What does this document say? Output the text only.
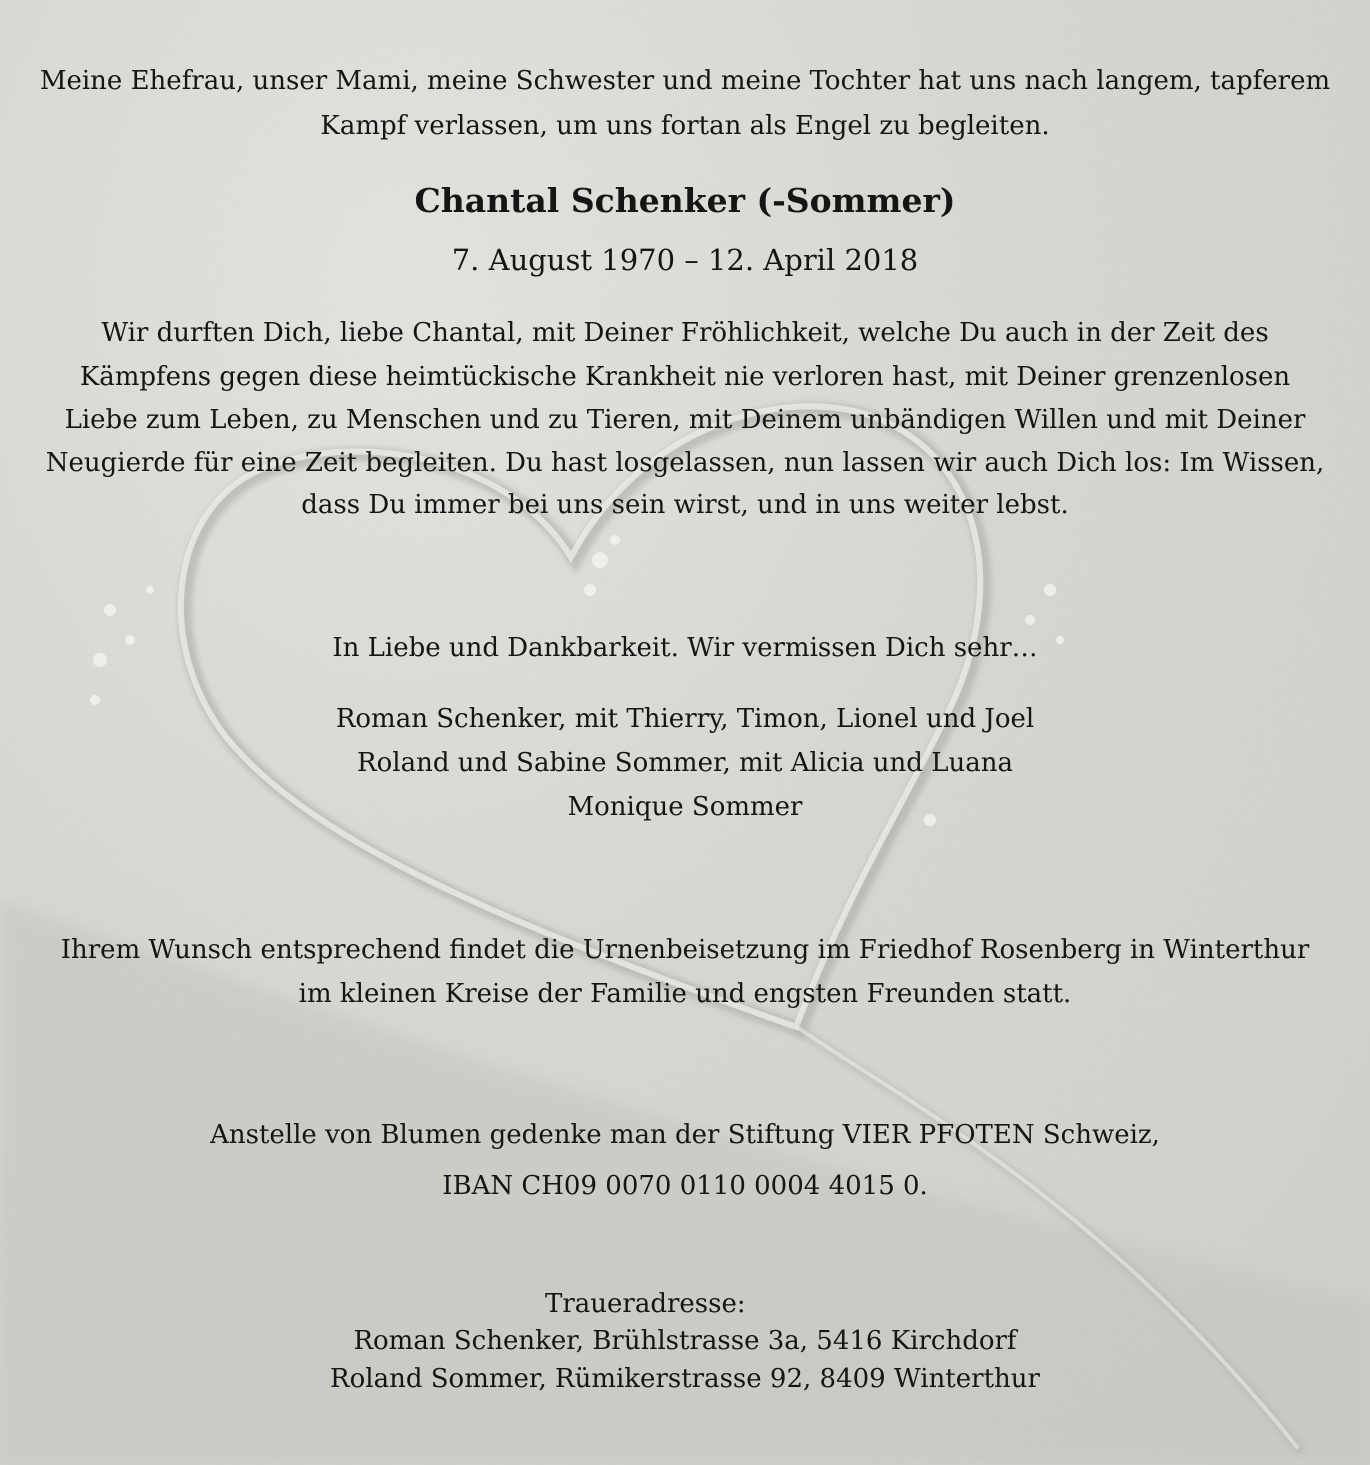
Meine Ehefrau, unser Mami, meine Schwester und meine Tochter hat uns nach langem, tapferem
Kampf verlassen, um uns fortan als Engel zu begleiten.
Chantal Schenker (-Sommer)
7. August 1970 – 12. April 2018
Wir durften Dich, liebe Chantal, mit Deiner Fröhlichkeit, welche Du auch in der Zeit des
Kämpfens gegen diese heimtückische Krankheit nie verloren hast, mit Deiner grenzenlosen
Liebe zum Leben, zu Menschen und zu Tieren, mit Deinem unbändigen Willen und mit Deiner
Neugierde für eine Zeit begleiten. Du hast losgelassen, nun lassen wir auch Dich los: Im Wissen,
dass Du immer bei uns sein wirst, und in uns weiter lebst.
In Liebe und Dankbarkeit. Wir vermissen Dich sehr…
Roman Schenker, mit Thierry, Timon, Lionel und Joel
Roland und Sabine Sommer, mit Alicia und Luana
Monique Sommer
Ihrem Wunsch entsprechend findet die Urnenbeisetzung im Friedhof Rosenberg in Winterthur
im kleinen Kreise der Familie und engsten Freunden statt.
Anstelle von Blumen gedenke man der Stiftung VIER PFOTEN Schweiz,
IBAN CH09 0070 0110 0004 4015 0.
Traueradresse:
Roman Schenker, Brühlstrasse 3a, 5416 Kirchdorf
Roland Sommer, Rümikerstrasse 92, 8409 Winterthur
